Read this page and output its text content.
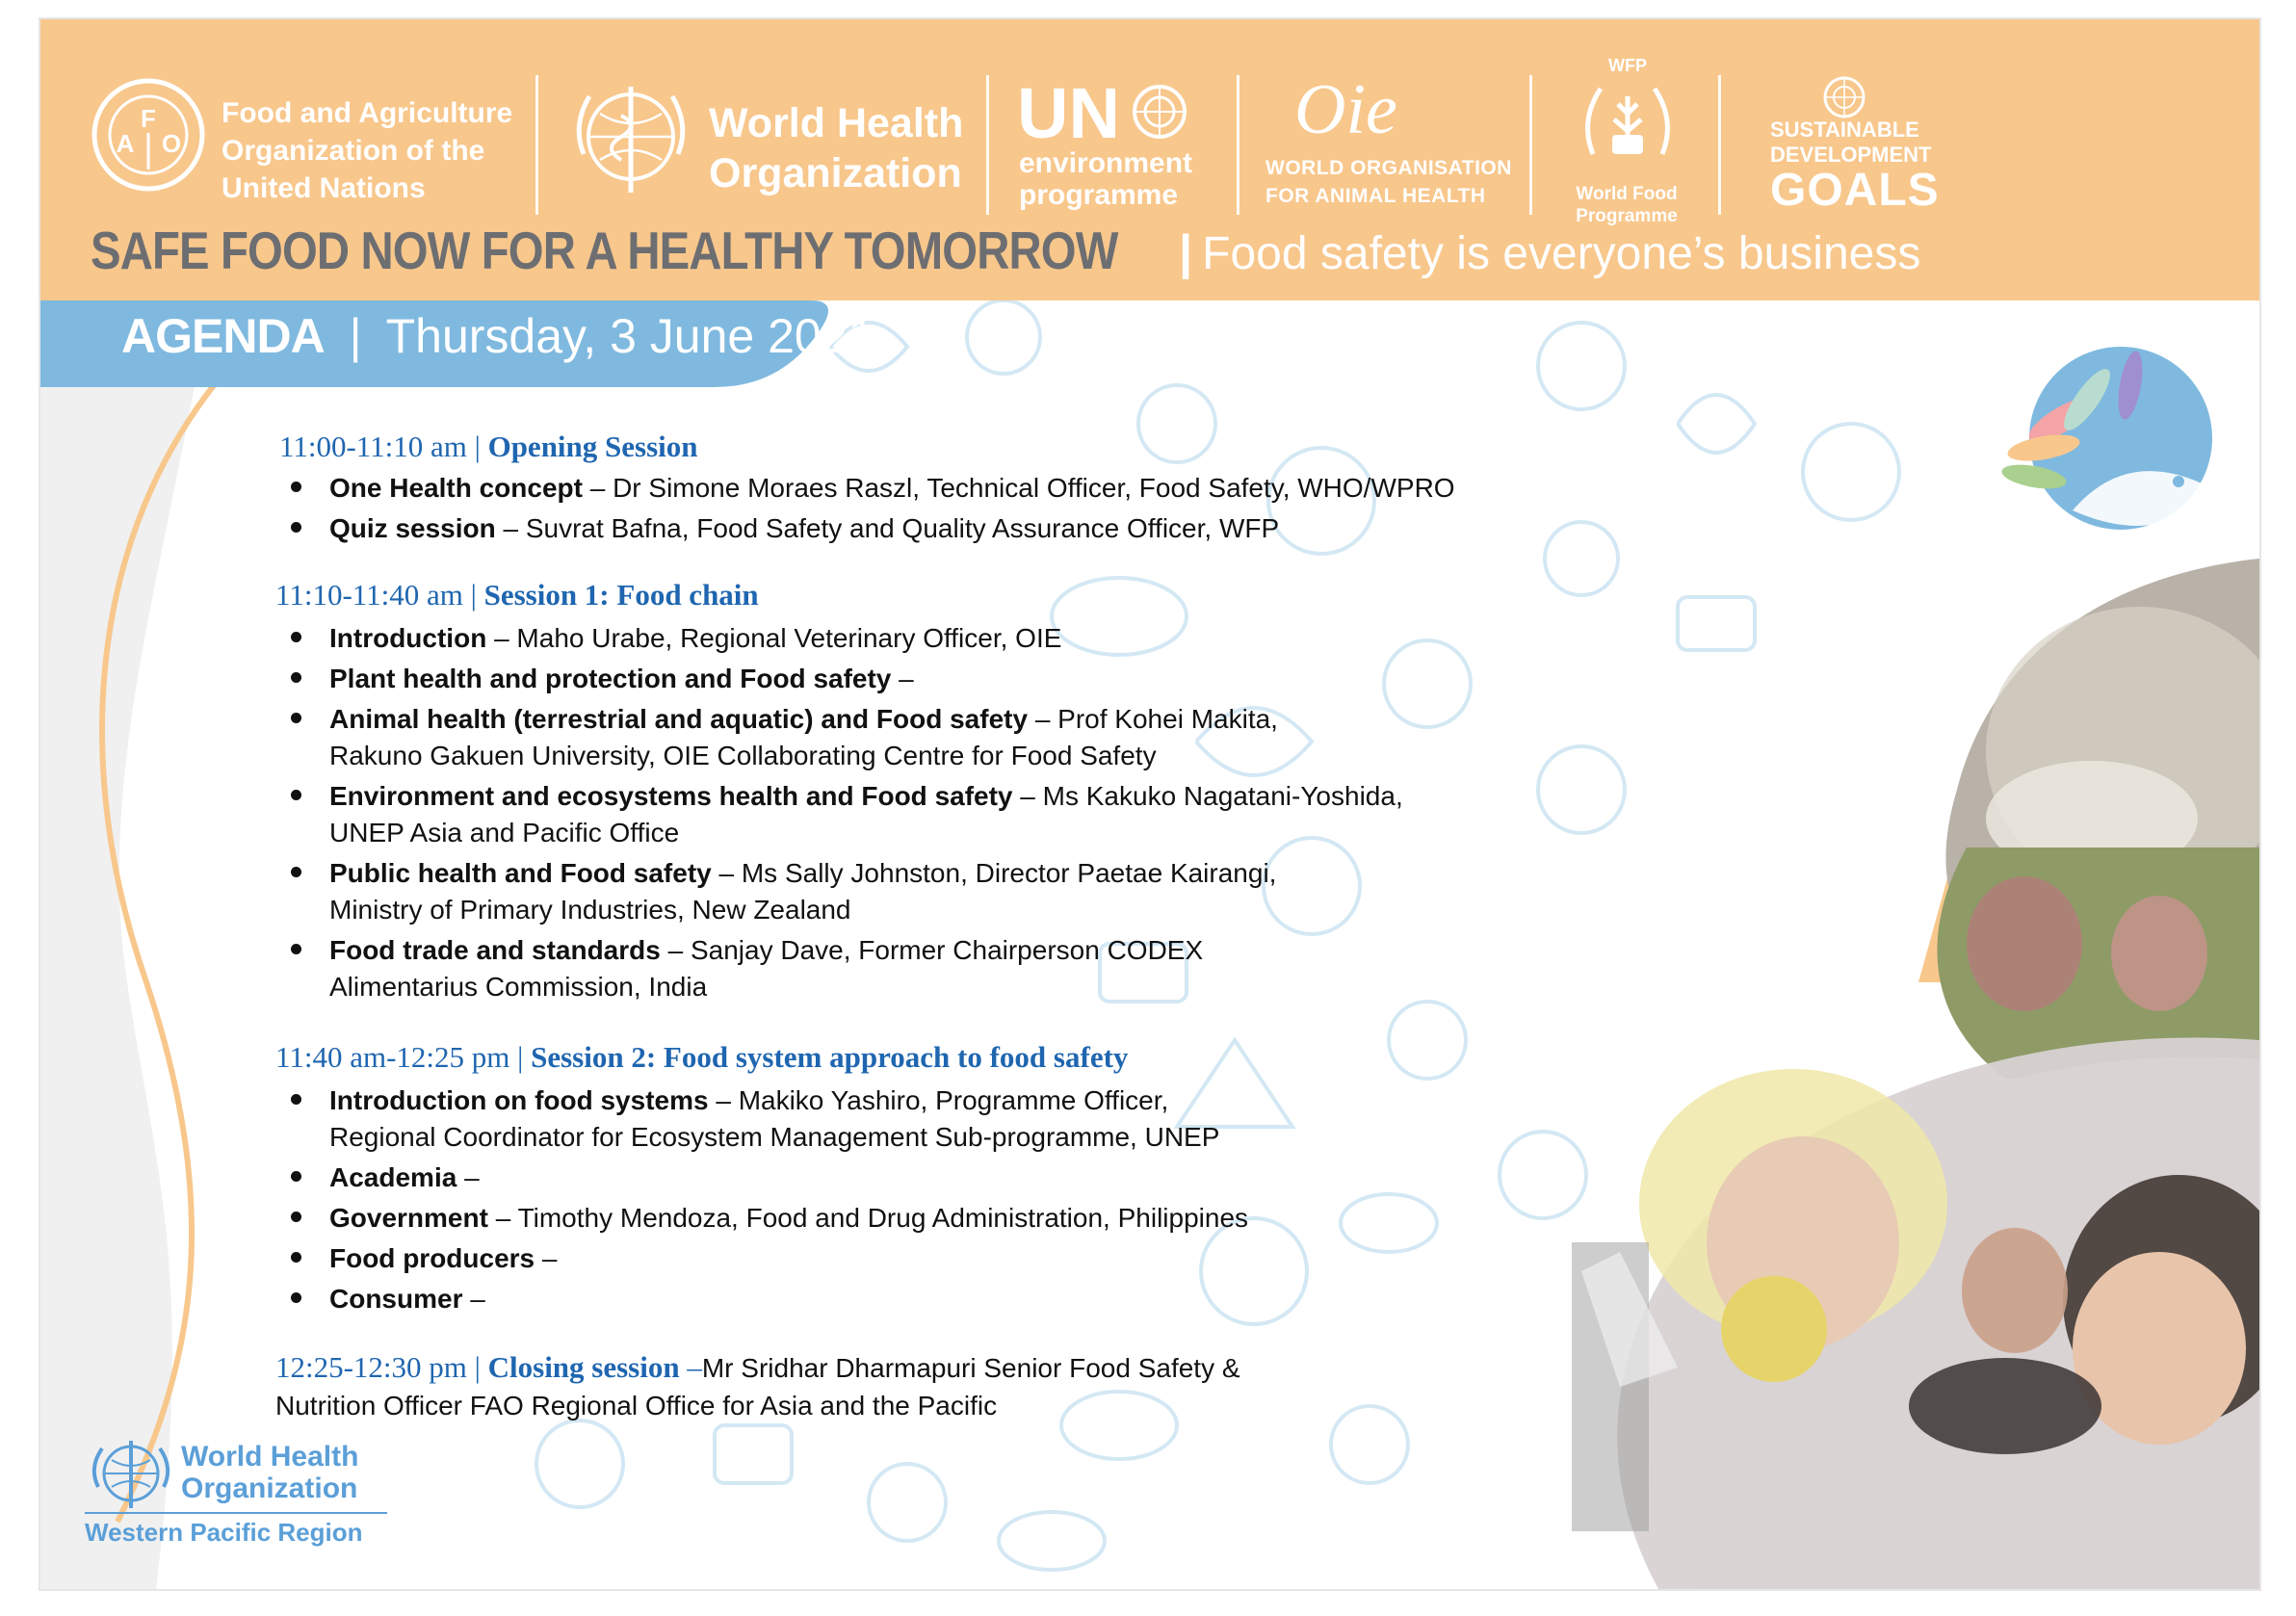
F
A O
Food and Agriculture
Organization of the
United Nations
World Health
Organization
UN
environment
programme
Oie
WORLD ORGANISATION
FOR ANIMAL HEALTH
WFP
World Food
Programme
SUSTAINABLE
DEVELOPMENT
GOALS
SAFE FOOD NOW FOR A HEALTHY TOMORROW | Food safety is everyone’s business
AGENDA | Thursday, 3 June 2021
11:00-11:10 am | Opening Session
One Health concept – Dr Simone Moraes Raszl, Technical Officer, Food Safety, WHO/WPRO
Quiz session – Suvrat Bafna, Food Safety and Quality Assurance Officer, WFP
11:10-11:40 am | Session 1: Food chain
Introduction – Maho Urabe, Regional Veterinary Officer, OIE
Plant health and protection and Food safety –
Animal health (terrestrial and aquatic) and Food safety – Prof Kohei Makita,
Rakuno Gakuen University, OIE Collaborating Centre for Food Safety
Environment and ecosystems health and Food safety – Ms Kakuko Nagatani-Yoshida,
UNEP Asia and Pacific Office
Public health and Food safety – Ms Sally Johnston, Director Paetae Kairangi,
Ministry of Primary Industries, New Zealand
Food trade and standards – Sanjay Dave, Former Chairperson CODEX
Alimentarius Commission, India
11:40 am-12:25 pm | Session 2: Food system approach to food safety
Introduction on food systems – Makiko Yashiro, Programme Officer,
Regional Coordinator for Ecosystem Management Sub-programme, UNEP
Academia –
Government – Timothy Mendoza, Food and Drug Administration, Philippines
Food producers –
Consumer –
12:25-12:30 pm | Closing session –Mr Sridhar Dharmapuri Senior Food Safety &
Nutrition Officer FAO Regional Office for Asia and the Pacific
World Health
Organization
Western Pacific Region
